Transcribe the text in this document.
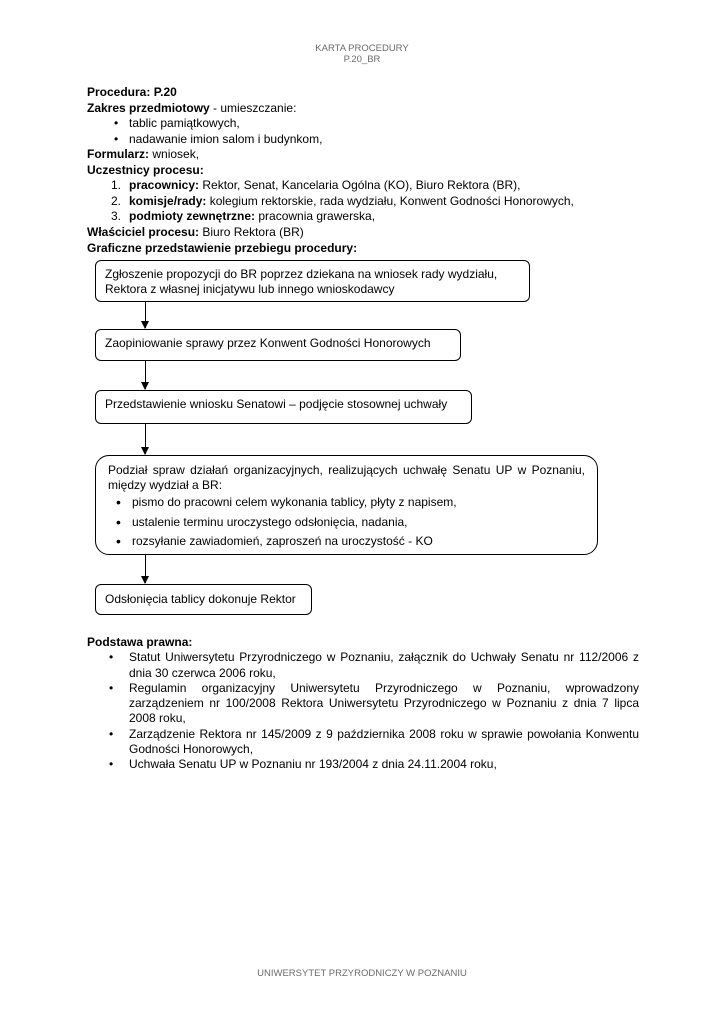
KARTA PROCEDURY
P.20_BR

Procedura: P.20

Zakres przedmiotowy - umieszczanie:

• tablic pamiątkowych,
• nadawanie imion salom i budynkom,

Formularz: wniosek,

Uczestnicy procesu:

1. pracownicy: Rektor, Senat, Kancelaria Ogólna (KO), Biuro Rektora (BR),
2. komisje/rady: kolegium rektorskie, rada wydziału, Konwent Godności Honorowych,
3. podmioty zewnętrzne: pracownia grawerska,

Właściciel procesu: Biuro Rektora (BR)

Graficzne przedstawienie przebiegu procedury:
Zgłoszenie propozycji do BR poprzez dziekana na wniosek rady wydziału, Rektora z własnej inicjatywu lub innego wnioskodawcy
Zaopiniowanie sprawy przez Konwent Godności Honorowych
Przedstawienie wniosku Senatowi – podjęcie stosownej uchwały
Podział spraw działań organizacyjnych, realizujących uchwałę Senatu UP w Poznaniu, między wydział a BR:
• pismo do pracowni celem wykonania tablicy, płyty z napisem,
• ustalenie terminu uroczystego odsłonięcia, nadania,
• rozsyłanie zawiadomień, zaproszeń na uroczystość - KO
Odsłonięcia tablicy dokonuje Rektor

Podstawa prawna:

• Statut Uniwersytetu Przyrodniczego w Poznaniu, załącznik do Uchwały Senatu nr 112/2006 z dnia 30 czerwca 2006 roku,
• Regulamin organizacyjny Uniwersytetu Przyrodniczego w Poznaniu, wprowadzony zarządzeniem nr 100/2008 Rektora Uniwersytetu Przyrodniczego w Poznaniu z dnia 7 lipca 2008 roku,
• Zarządzenie Rektora nr 145/2009 z 9 października 2008 roku w sprawie powołania Konwentu Godności Honorowych,
• Uchwała Senatu UP w Poznaniu nr 193/2004 z dnia 24.11.2004 roku,
UNIWERSYTET PRZYRODNICZY W POZNANIU
